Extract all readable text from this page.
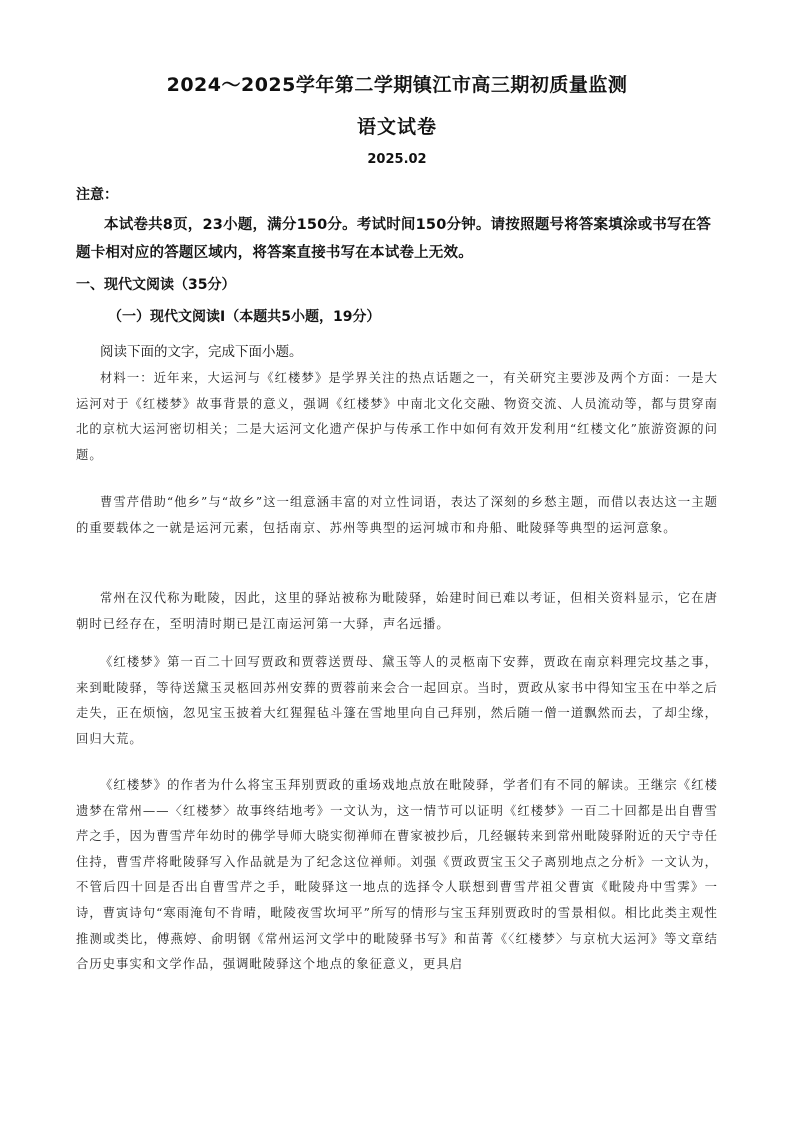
2024～2025学年第二学期镇江市高三期初质量监测
语文试卷
2025.02
注意：
本试卷共8页，23小题，满分150分。考试时间150分钟。请按照题号将答案填涂或书写在答题卡相对应的答题区域内，将答案直接书写在本试卷上无效。
一、现代文阅读（35分）
（一）现代文阅读Ⅰ（本题共5小题，19分）
阅读下面的文字，完成下面小题。
材料一：近年来，大运河与《红楼梦》是学界关注的热点话题之一，有关研究主要涉及两个方面：一是大运河对于《红楼梦》故事背景的意义，强调《红楼梦》中南北文化交融、物资交流、人员流动等，都与贯穿南北的京杭大运河密切相关；二是大运河文化遗产保护与传承工作中如何有效开发利用“红楼文化”旅游资源的问题。
曹雪芹借助“他乡”与“故乡”这一组意涵丰富的对立性词语，表达了深刻的乡愁主题，而借以表达这一主题的重要载体之一就是运河元素，包括南京、苏州等典型的运河城市和舟船、毗陵驿等典型的运河意象。
常州在汉代称为毗陵，因此，这里的驿站被称为毗陵驿，始建时间已难以考证，但相关资料显示，它在唐朝时已经存在，至明清时期已是江南运河第一大驿，声名远播。
《红楼梦》第一百二十回写贾政和贾蓉送贾母、黛玉等人的灵柩南下安葬，贾政在南京料理完坟基之事，来到毗陵驿，等待送黛玉灵柩回苏州安葬的贾蓉前来会合一起回京。当时，贾政从家书中得知宝玉在中举之后走失，正在烦恼，忽见宝玉披着大红猩猩毡斗篷在雪地里向自己拜别，然后随一僧一道飘然而去，了却尘缘，回归大荒。
《红楼梦》的作者为什么将宝玉拜别贾政的重场戏地点放在毗陵驿，学者们有不同的解读。王继宗《红楼遗梦在常州——〈红楼梦〉故事终结地考》一文认为，这一情节可以证明《红楼梦》一百二十回都是出自曹雪芹之手，因为曹雪芹年幼时的佛学导师大晓实彻禅师在曹家被抄后，几经辗转来到常州毗陵驿附近的天宁寺任住持，曹雪芹将毗陵驿写入作品就是为了纪念这位禅师。刘强《贾政贾宝玉父子离别地点之分析》一文认为，不管后四十回是否出自曹雪芹之手，毗陵驿这一地点的选择令人联想到曹雪芹祖父曹寅《毗陵舟中雪霁》一诗，曹寅诗句“寒雨淹旬不肯晴，毗陵夜雪坎坷平”所写的情形与宝玉拜别贾政时的雪景相似。相比此类主观性推测或类比，傅燕婷、俞明钢《常州运河文学中的毗陵驿书写》和苗菁《〈红楼梦〉与京杭大运河》等文章结合历史事实和文学作品，强调毗陵驿这个地点的象征意义，更具启
